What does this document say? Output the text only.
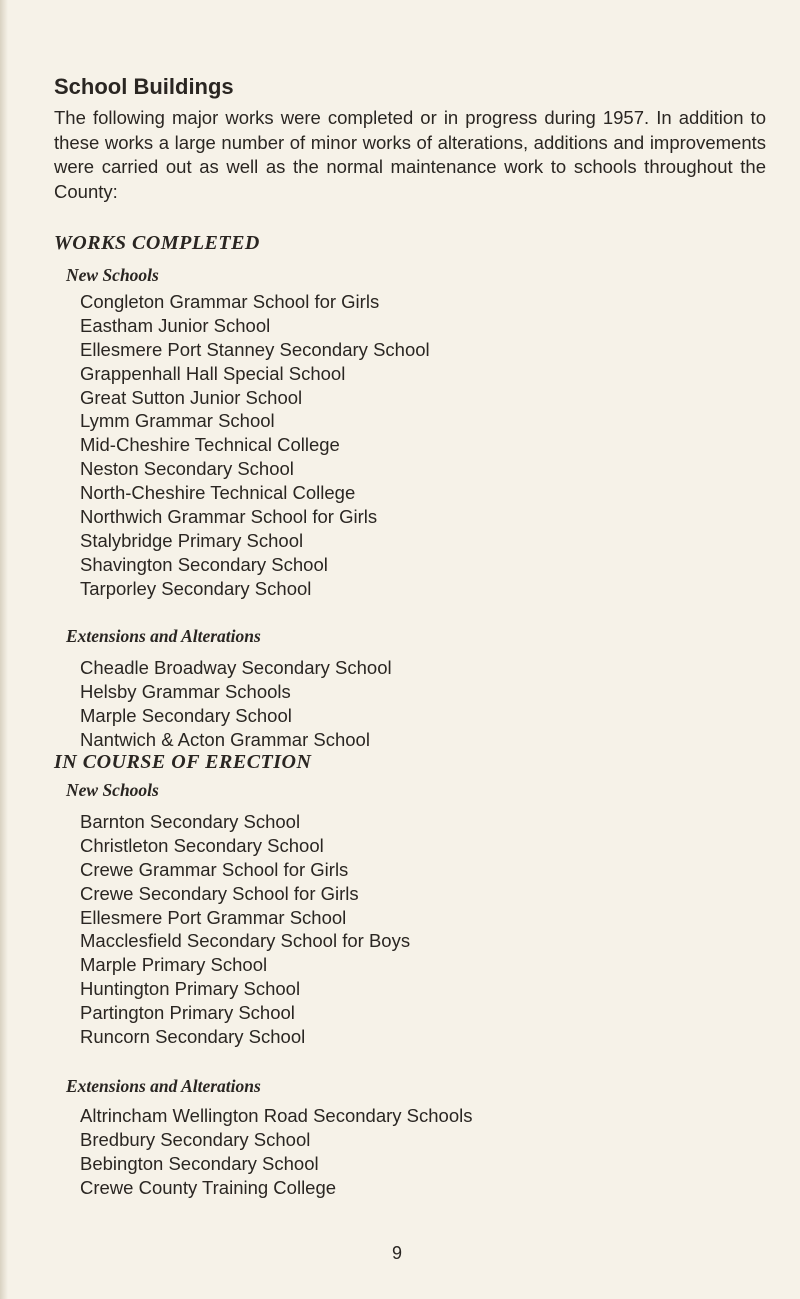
School Buildings

The following major works were completed or in progress during 1957. In addition to these works a large number of minor works of alterations, additions and improvements were carried out as well as the normal maintenance work to schools throughout the County:

WORKS COMPLETED
New Schools
Congleton Grammar School for Girls
Eastham Junior School
Ellesmere Port Stanney Secondary School
Grappenhall Hall Special School
Great Sutton Junior School
Lymm Grammar School
Mid-Cheshire Technical College
Neston Secondary School
North-Cheshire Technical College
Northwich Grammar School for Girls
Stalybridge Primary School
Shavington Secondary School
Tarporley Secondary School
Extensions and Alterations
Cheadle Broadway Secondary School
Helsby Grammar Schools
Marple Secondary School
Nantwich & Acton Grammar School
IN COURSE OF ERECTION
New Schools
Barnton Secondary School
Christleton Secondary School
Crewe Grammar School for Girls
Crewe Secondary School for Girls
Ellesmere Port Grammar School
Macclesfield Secondary School for Boys
Marple Primary School
Huntington Primary School
Partington Primary School
Runcorn Secondary School
Extensions and Alterations
Altrincham Wellington Road Secondary Schools
Bredbury Secondary School
Bebington Secondary School
Crewe County Training College
9
